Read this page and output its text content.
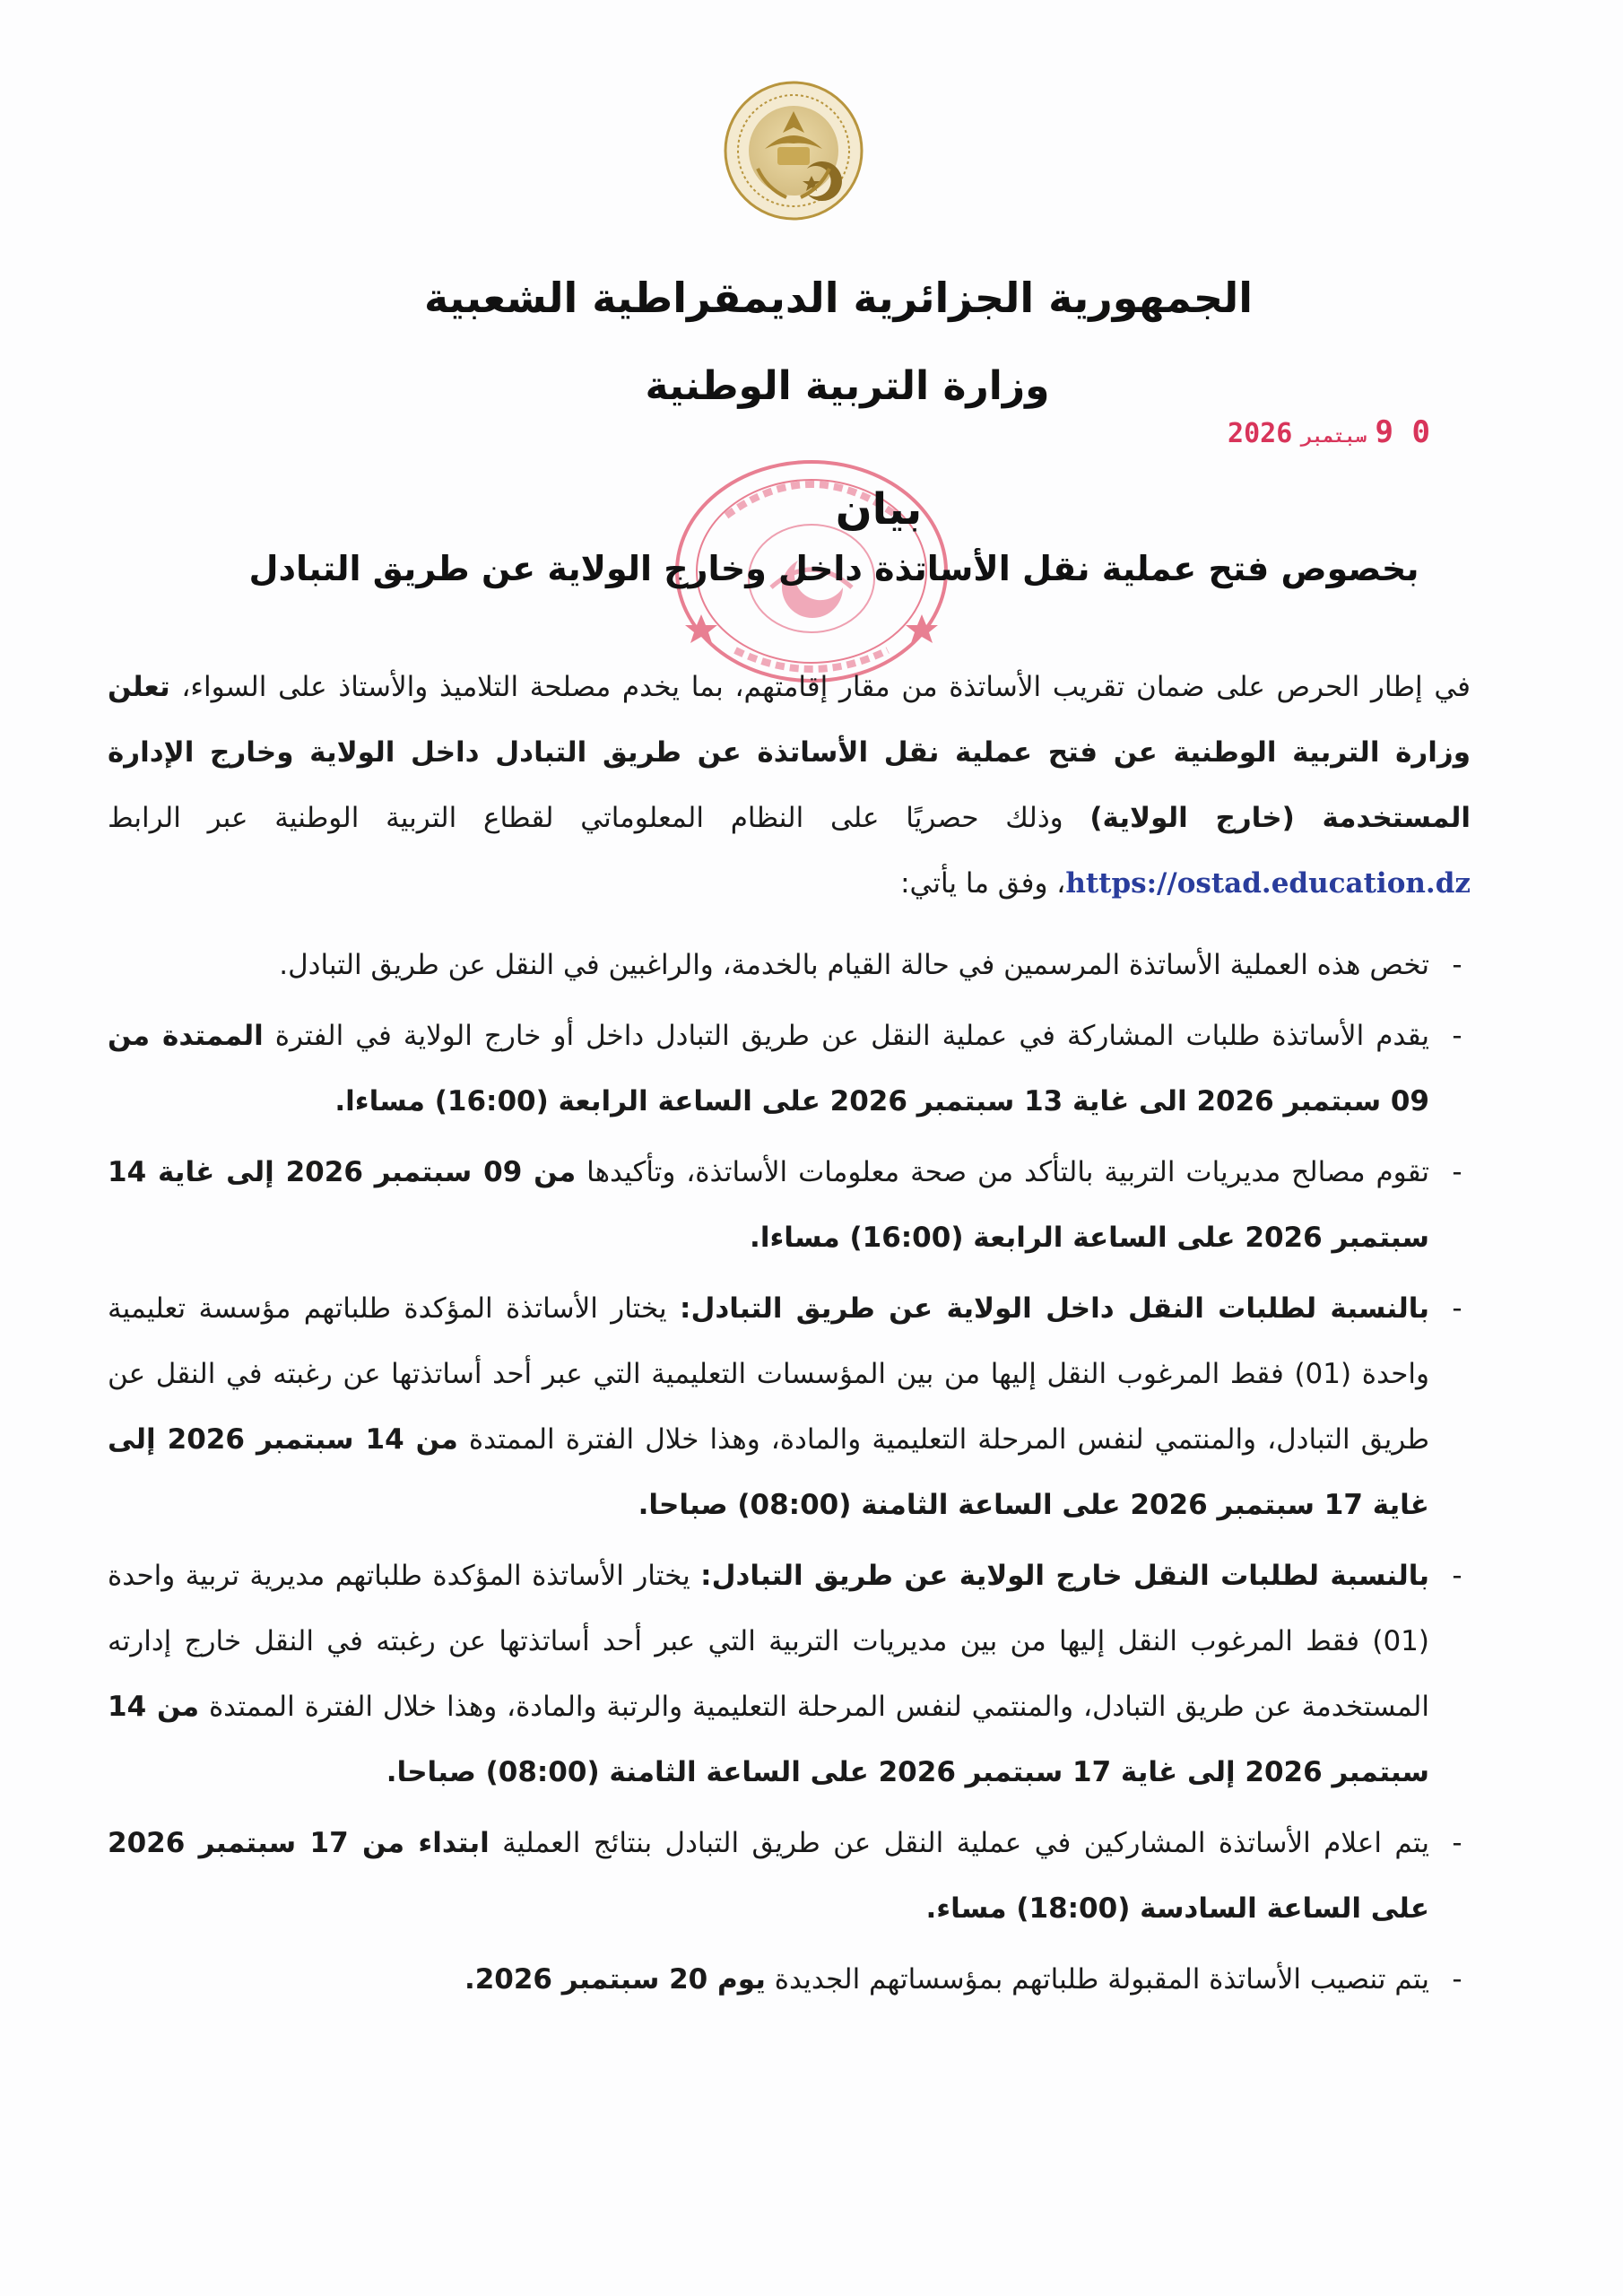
الجمهورية الجزائرية الديمقراطية الشعبية
وزارة التربية الوطنية
0 9سبتمبر2026
بيان
بخصوص فتح عملية نقل الأساتذة داخل وخارج الولاية عن طريق التبادل

في إطار الحرص على ضمان تقريب الأساتذة من مقار إقامتهم، بما يخدم مصلحة التلاميذ والأستاذ على السواء، تعلن وزارة التربية الوطنية عن فتح عملية نقل الأساتذة عن طريق التبادل داخل الولاية وخارج الإدارة المستخدمة (خارج الولاية) وذلك حصريًا على النظام المعلوماتي لقطاع التربية الوطنية عبر الرابط https://ostad.education.dz، وفق ما يأتي:

-
تخص هذه العملية الأساتذة المرسمين في حالة القيام بالخدمة، والراغبين في النقل عن طريق التبادل.
-
يقدم الأساتذة طلبات المشاركة في عملية النقل عن طريق التبادل داخل أو خارج الولاية في الفترة الممتدة من 09 سبتمبر 2026 الى غاية 13 سبتمبر 2026 على الساعة الرابعة (16:00) مساءا.
-
تقوم مصالح مديريات التربية بالتأكد من صحة معلومات الأساتذة، وتأكيدها من 09 سبتمبر 2026 إلى غاية 14 سبتمبر 2026 على الساعة الرابعة (16:00) مساءا.
-
بالنسبة لطلبات النقل داخل الولاية عن طريق التبادل: يختار الأساتذة المؤكدة طلباتهم مؤسسة تعليمية واحدة (01) فقط المرغوب النقل إليها من بين المؤسسات التعليمية التي عبر أحد أساتذتها عن رغبته في النقل عن طريق التبادل، والمنتمي لنفس المرحلة التعليمية والمادة، وهذا خلال الفترة الممتدة من 14 سبتمبر 2026 إلى غاية 17 سبتمبر 2026 على الساعة الثامنة (08:00) صباحا.
-
بالنسبة لطلبات النقل خارج الولاية عن طريق التبادل: يختار الأساتذة المؤكدة طلباتهم مديرية تربية واحدة (01) فقط المرغوب النقل إليها من بين مديريات التربية التي عبر أحد أساتذتها عن رغبته في النقل خارج إدارته المستخدمة عن طريق التبادل، والمنتمي لنفس المرحلة التعليمية والرتبة والمادة، وهذا خلال الفترة الممتدة من 14 سبتمبر 2026 إلى غاية 17 سبتمبر 2026 على الساعة الثامنة (08:00) صباحا.
-
يتم اعلام الأساتذة المشاركين في عملية النقل عن طريق التبادل بنتائج العملية ابتداء من 17 سبتمبر 2026 على الساعة السادسة (18:00) مساء.
-
يتم تنصيب الأساتذة المقبولة طلباتهم بمؤسساتهم الجديدة يوم 20 سبتمبر 2026.
